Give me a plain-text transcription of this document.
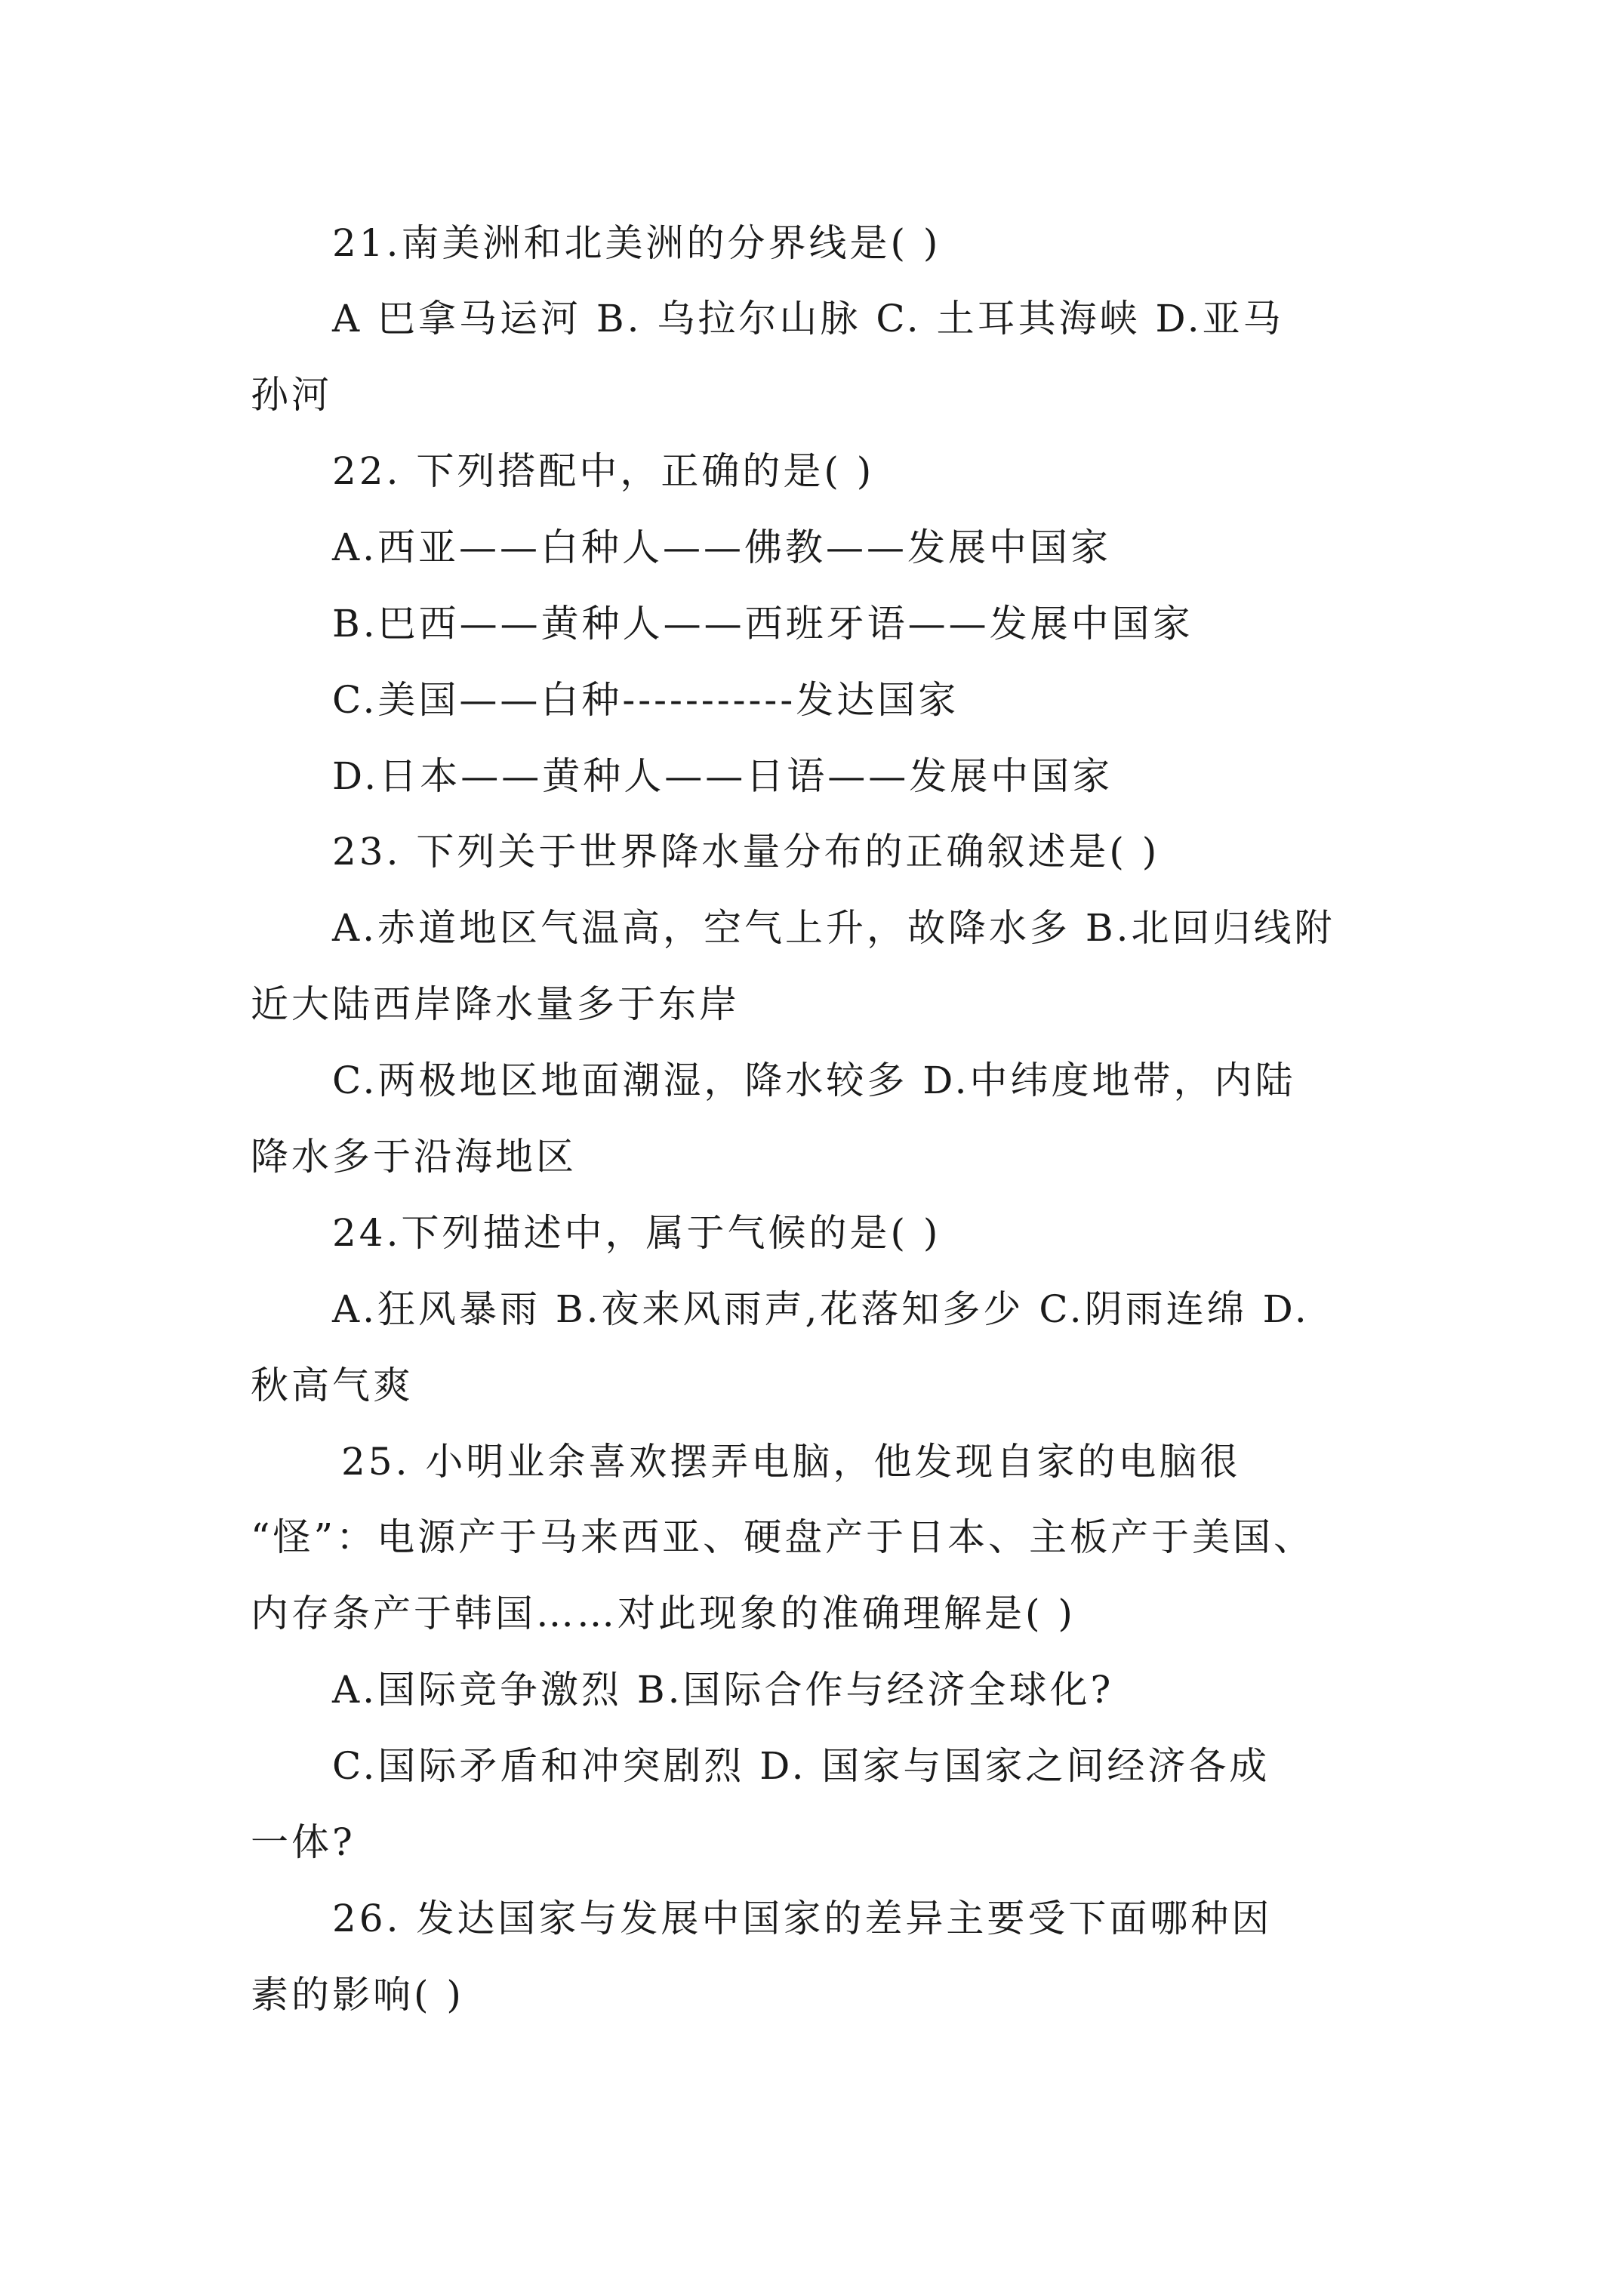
21.南美洲和北美洲的分界线是( )
A 巴拿马运河 B. 乌拉尔山脉 C. 土耳其海峡 D.亚马
孙河
22. 下列搭配中，正确的是( )
A.西亚——白种人——佛教——发展中国家
B.巴西——黄种人——西班牙语——发展中国家
C.美国——白种-----------发达国家
D.日本——黄种人——日语——发展中国家
23. 下列关于世界降水量分布的正确叙述是( )
A.赤道地区气温高，空气上升，故降水多 B.北回归线附
近大陆西岸降水量多于东岸
C.两极地区地面潮湿，降水较多 D.中纬度地带，内陆
降水多于沿海地区
24.下列描述中，属于气候的是( )
A.狂风暴雨 B.夜来风雨声,花落知多少 C.阴雨连绵 D.
秋高气爽
25. 小明业余喜欢摆弄电脑，他发现自家的电脑很
“怪”：电源产于马来西亚、硬盘产于日本、主板产于美国、
内存条产于韩国……对此现象的准确理解是( )
A.国际竞争激烈 B.国际合作与经济全球化?
C.国际矛盾和冲突剧烈 D. 国家与国家之间经济各成
一体?
26. 发达国家与发展中国家的差异主要受下面哪种因
素的影响( )
